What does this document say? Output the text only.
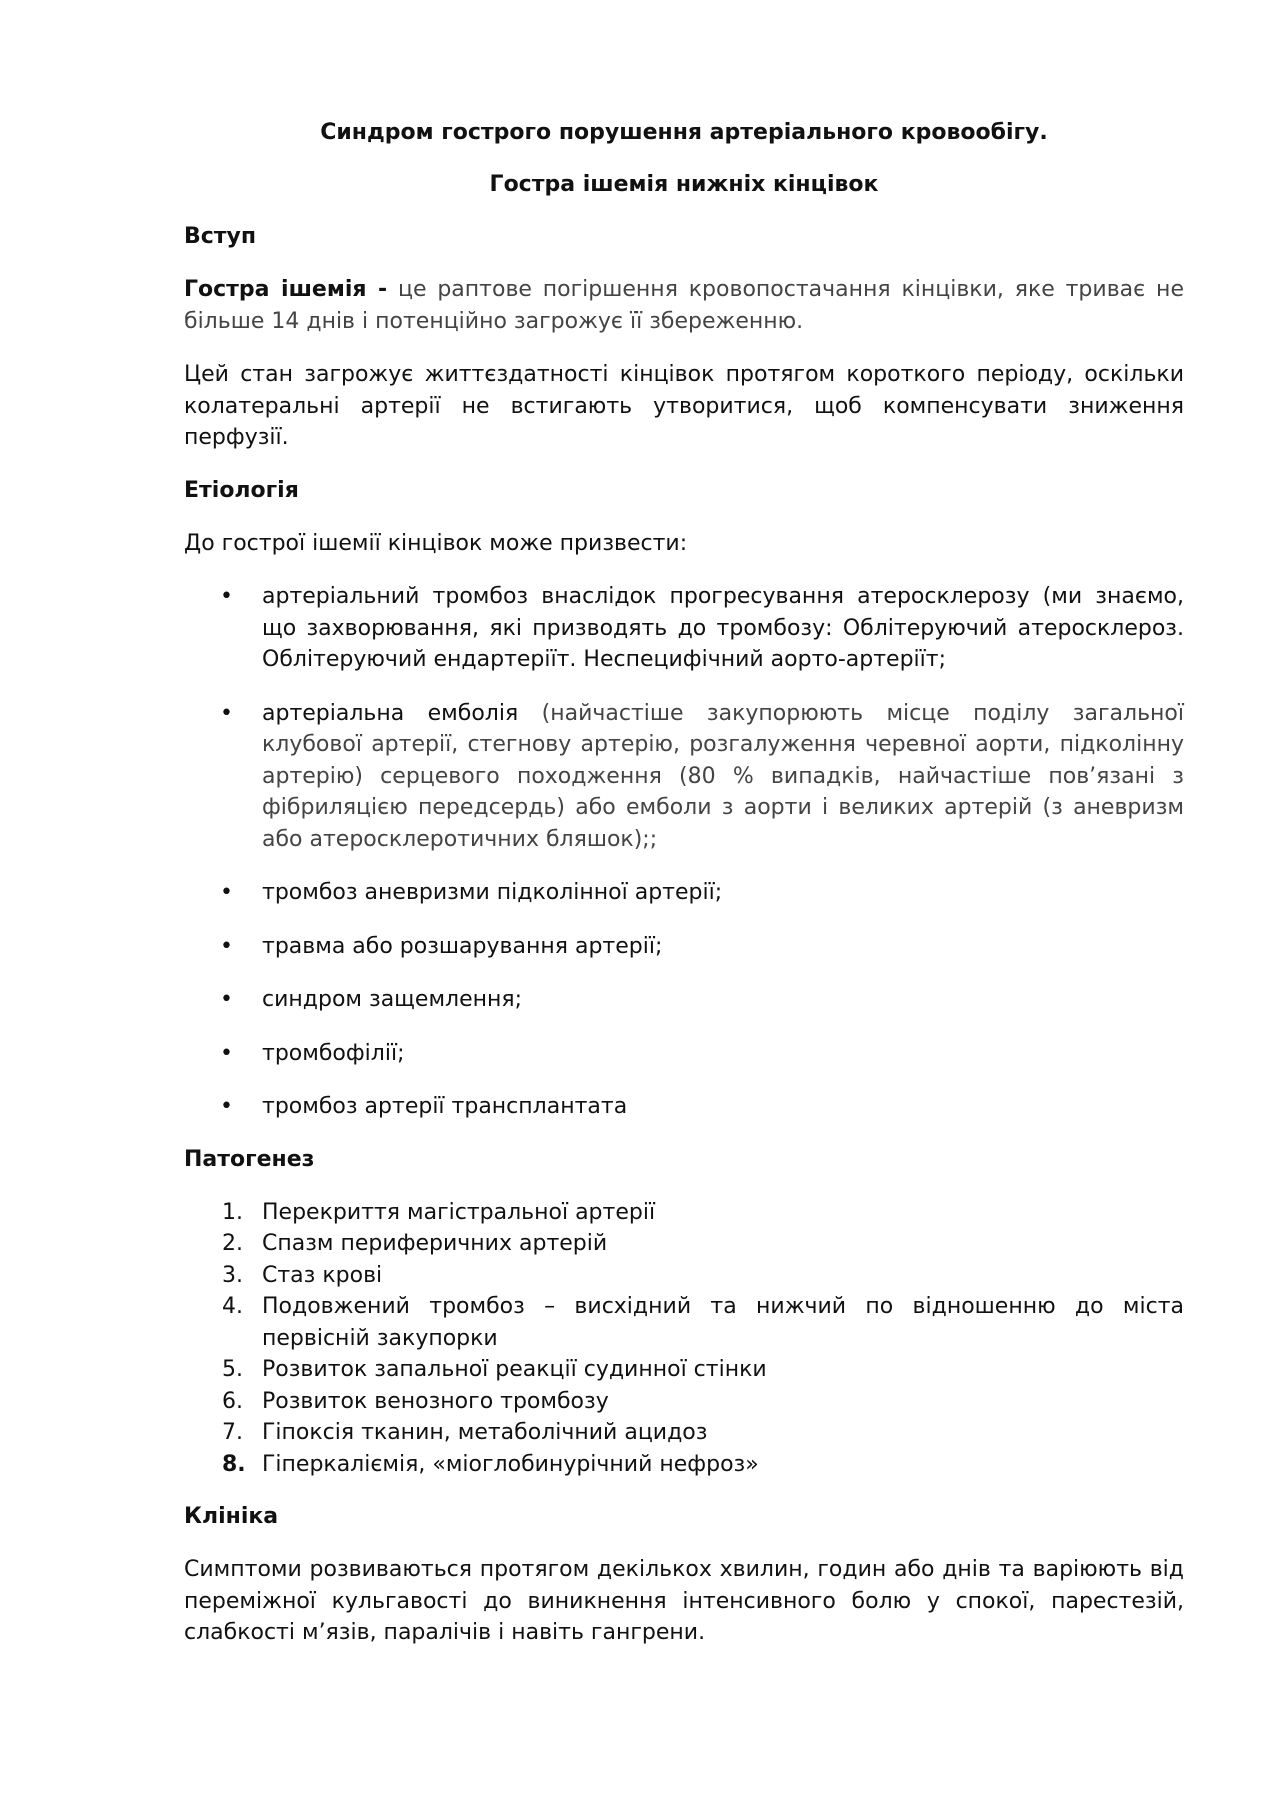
Синдром гострого порушення артеріального кровообігу.

Гостра ішемія нижніх кінцівок

Вступ

Гостра ішемія - це раптове погіршення кровопостачання кінцівки, яке триває не більше 14 днів і потенційно загрожує її збереженню.

Цей стан загрожує життєздатності кінцівок протягом короткого періоду, оскільки колатеральні артерії не встигають утворитися, щоб компенсувати зниження перфузії.

Етіологія

До гострої ішемії кінцівок може призвести:

• артеріальний тромбоз внаслідок прогресування атеросклерозу (ми знаємо, що захворювання, які призводять до тромбозу: Облітеруючий атеросклероз. Облітеруючий ендартеріїт. Неспецифічний аорто-артеріїт;
• артеріальна емболія (найчастіше закупорюють місце поділу загальної клубової артерії, стегнову артерію, розгалуження черевної аорти, підколінну артерію) серцевого походження (80 % випадків, найчастіше пов’язані з фібриляцією передсердь) або емболи з аорти і великих артерій (з аневризм або атеросклеротичних бляшок);;
• тромбоз аневризми підколінної артерії;
• травма або розшарування артерії;
• синдром защемлення;
• тромбофілії;
• тромбоз артерії трансплантата

Патогенез

1. Перекриття магістральної артерії
2. Спазм периферичних артерій
3. Стаз крові
4. Подовжений тромбоз – висхідний та нижчий по відношенню до міста первісній закупорки
5. Розвиток запальної реакції судинної стінки
6. Розвиток венозного тромбозу
7. Гіпоксія тканин, метаболічний ацидоз
8. Гіперкаліємія, «міоглобинурічний нефроз»

Клініка

Симптоми розвиваються протягом декількох хвилин, годин або днів та варіюють від переміжної кульгавості до виникнення інтенсивного болю у спокої, парестезій, слабкості м’язів, паралічів і навіть гангрени.
